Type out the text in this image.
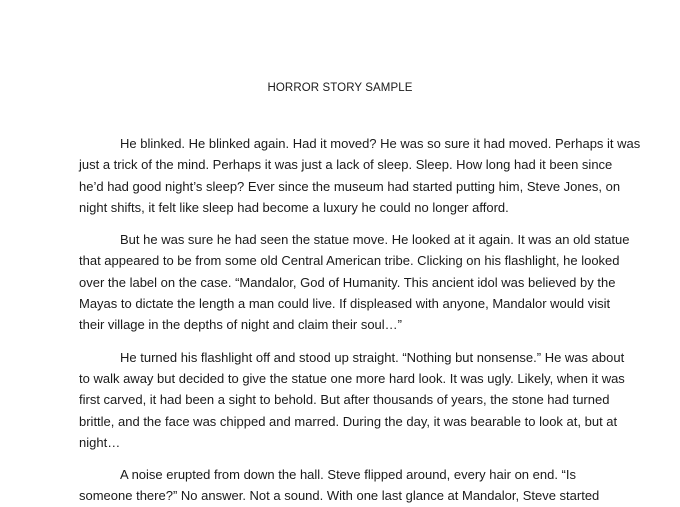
HORROR STORY SAMPLE
He blinked. He blinked again. Had it moved? He was so sure it had moved. Perhaps it was
just a trick of the mind. Perhaps it was just a lack of sleep. Sleep. How long had it been since
he’d had good night’s sleep? Ever since the museum had started putting him, Steve Jones, on
night shifts, it felt like sleep had become a luxury he could no longer afford.
But he was sure he had seen the statue move. He looked at it again. It was an old statue
that appeared to be from some old Central American tribe. Clicking on his flashlight, he looked
over the label on the case. “Mandalor, God of Humanity. This ancient idol was believed by the
Mayas to dictate the length a man could live. If displeased with anyone, Mandalor would visit
their village in the depths of night and claim their soul…”
He turned his flashlight off and stood up straight. “Nothing but nonsense.” He was about
to walk away but decided to give the statue one more hard look. It was ugly. Likely, when it was
first carved, it had been a sight to behold. But after thousands of years, the stone had turned
brittle, and the face was chipped and marred. During the day, it was bearable to look at, but at
night…
A noise erupted from down the hall. Steve flipped around, every hair on end. “Is
someone there?” No answer. Not a sound. With one last glance at Mandalor, Steve started
